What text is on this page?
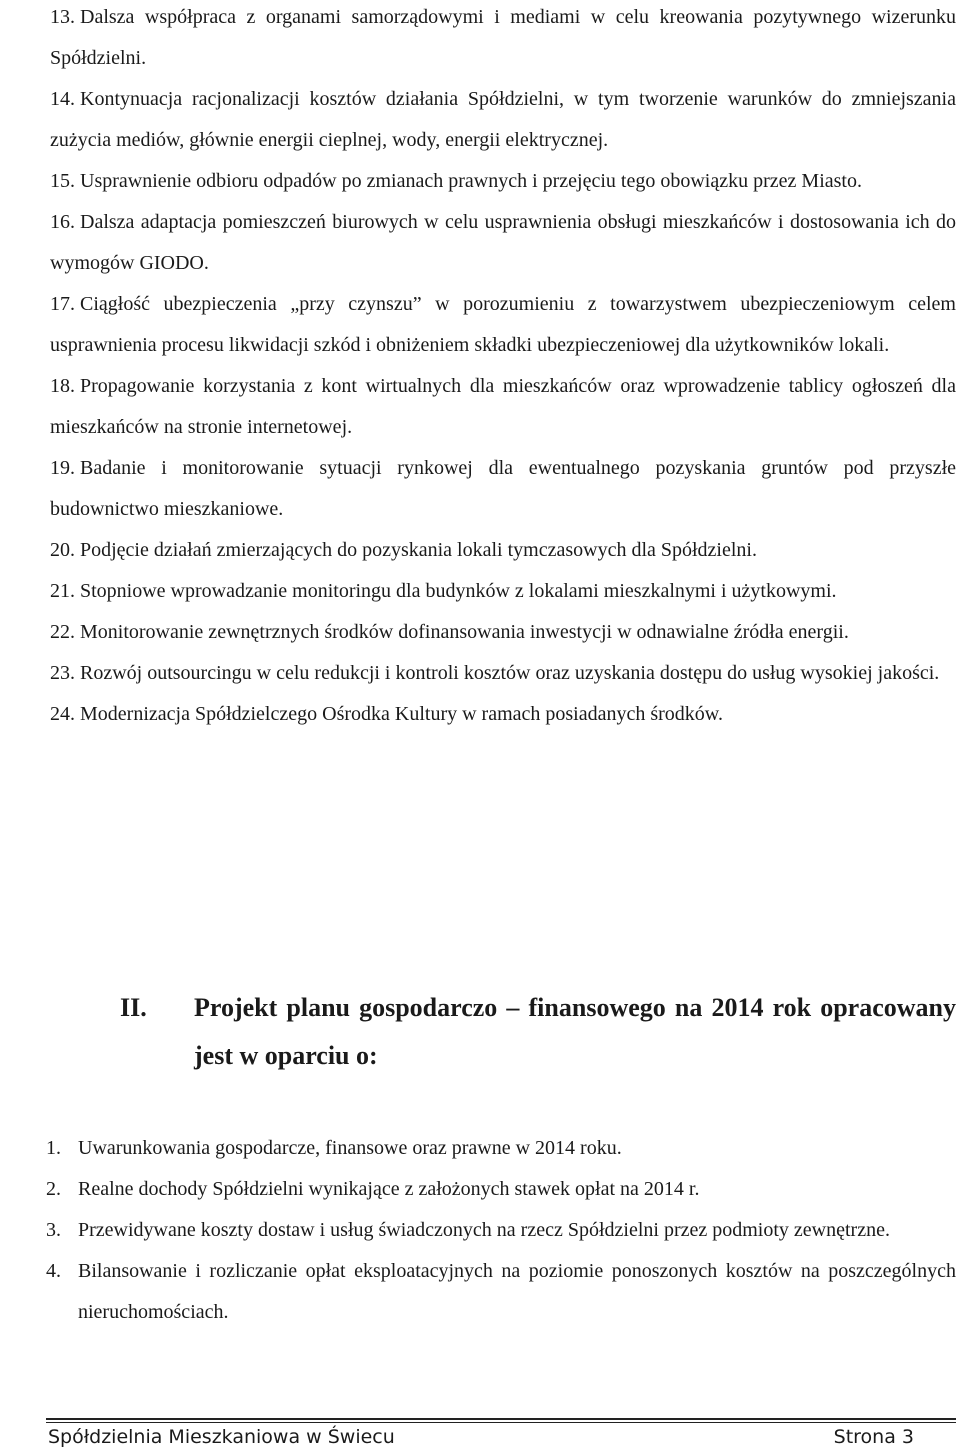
13. Dalsza współpraca z organami samorządowymi i mediami w celu kreowania pozytywnego wizerunku Spółdzielni.
14. Kontynuacja racjonalizacji kosztów działania Spółdzielni, w tym tworzenie warunków do zmniejszania zużycia mediów, głównie energii cieplnej, wody, energii elektrycznej.
15. Usprawnienie odbioru odpadów po zmianach prawnych i przejęciu tego obowiązku przez Miasto.
16. Dalsza adaptacja pomieszczeń biurowych w celu usprawnienia obsługi mieszkańców i dostosowania ich do wymogów GIODO.
17. Ciągłość ubezpieczenia „przy czynszu” w porozumieniu z towarzystwem ubezpieczeniowym celem usprawnienia procesu likwidacji szkód i obniżeniem składki ubezpieczeniowej dla użytkowników lokali.
18. Propagowanie korzystania z kont wirtualnych dla mieszkańców oraz wprowadzenie tablicy ogłoszeń dla mieszkańców na stronie internetowej.
19. Badanie i monitorowanie sytuacji rynkowej dla ewentualnego pozyskania gruntów pod przyszłe budownictwo mieszkaniowe.
20. Podjęcie działań zmierzających do pozyskania lokali tymczasowych dla Spółdzielni.
21. Stopniowe wprowadzanie monitoringu dla budynków z lokalami mieszkalnymi i użytkowymi.
22. Monitorowanie zewnętrznych środków dofinansowania inwestycji w odnawialne źródła energii.
23. Rozwój outsourcingu w celu redukcji i kontroli kosztów oraz uzyskania dostępu do usług wysokiej jakości.
24. Modernizacja Spółdzielczego Ośrodka Kultury w ramach posiadanych środków.
II. Projekt planu gospodarczo – finansowego na 2014 rok opracowany jest w oparciu o:
1. Uwarunkowania gospodarcze, finansowe oraz prawne w 2014 roku.
2. Realne dochody Spółdzielni wynikające z założonych stawek opłat na 2014 r.
3. Przewidywane koszty dostaw i usług świadczonych na rzecz Spółdzielni przez podmioty zewnętrzne.
4. Bilansowanie i rozliczanie opłat eksploatacyjnych na poziomie ponoszonych kosztów na poszczególnych nieruchomościach.
Spółdzielnia Mieszkaniowa w Świecu	Strona 3
